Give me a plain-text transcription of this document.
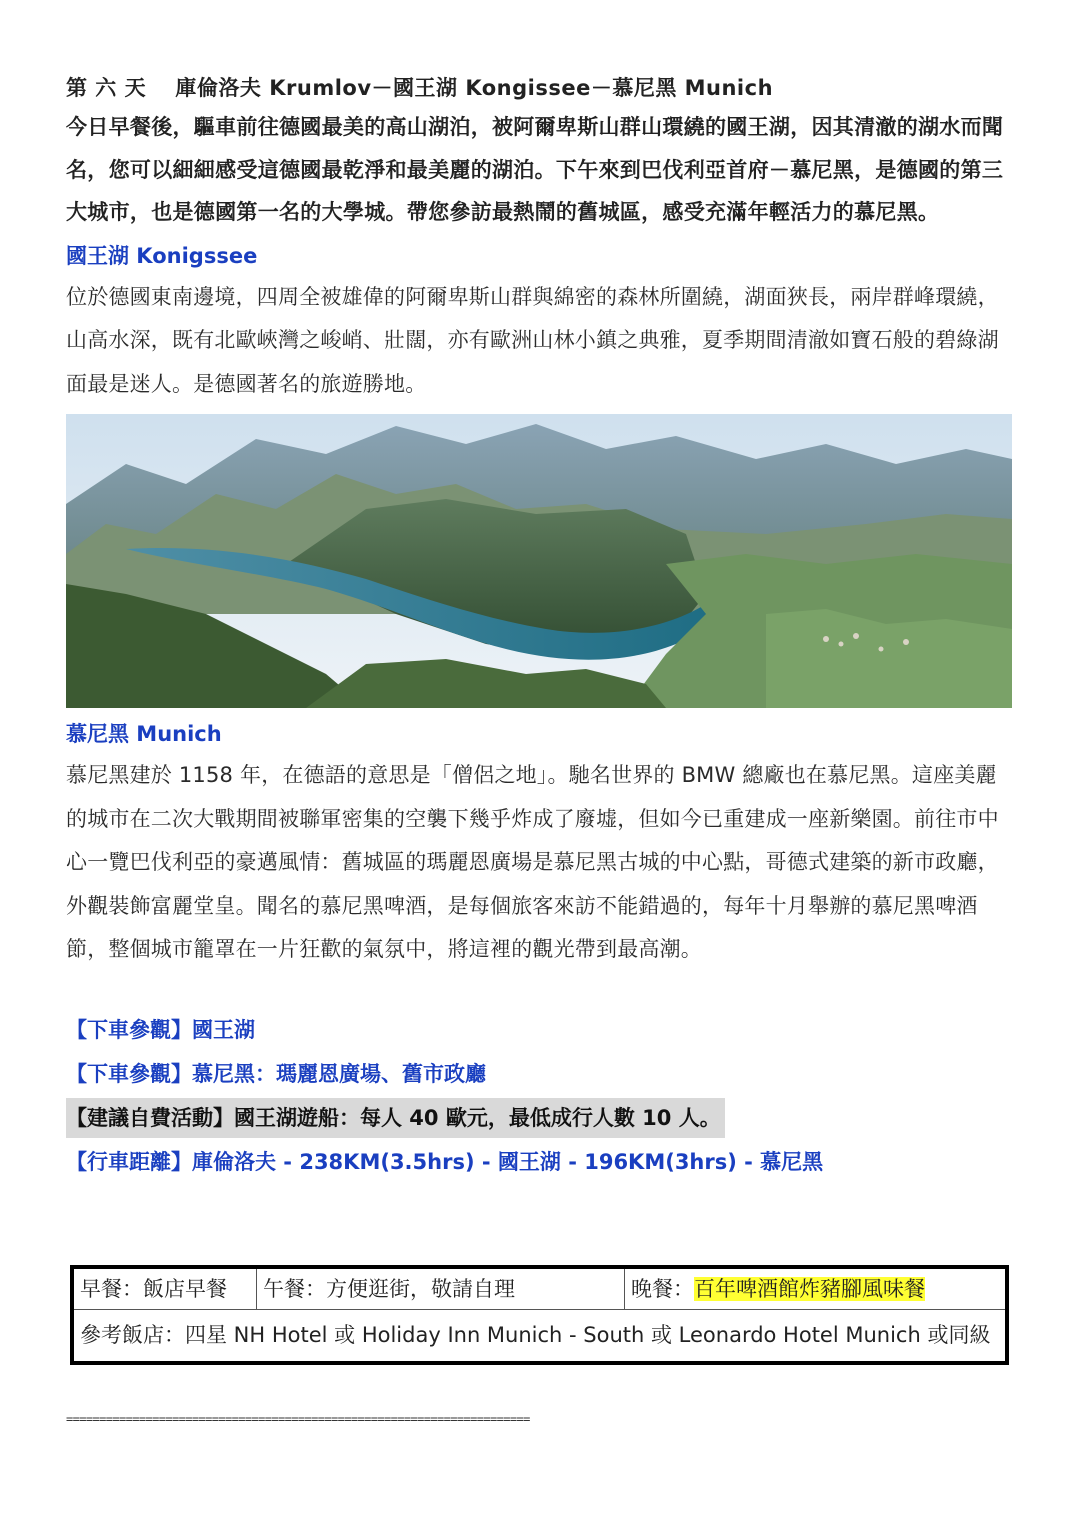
第 六 天　 庫倫洛夫 Krumlov－國王湖 Kongissee－慕尼黑 Munich

今日早餐後，驅車前往德國最美的高山湖泊，被阿爾卑斯山群山環繞的國王湖，因其清澈的湖水而聞名，您可以細細感受這德國最乾淨和最美麗的湖泊。下午來到巴伐利亞首府－慕尼黑，是德國的第三大城市，也是德國第一名的大學城。帶您參訪最熱鬧的舊城區，感受充滿年輕活力的慕尼黑。

國王湖 Konigssee

位於德國東南邊境，四周全被雄偉的阿爾卑斯山群與綿密的森林所圍繞，湖面狹長，兩岸群峰環繞，山高水深，既有北歐峽灣之峻峭、壯闊，亦有歐洲山林小鎮之典雅，夏季期間清澈如寶石般的碧綠湖面最是迷人。是德國著名的旅遊勝地。

慕尼黑 Munich

慕尼黑建於 1158 年，在德語的意思是「僧侶之地」。馳名世界的 BMW 總廠也在慕尼黑。這座美麗的城市在二次大戰期間被聯軍密集的空襲下幾乎炸成了廢墟，但如今已重建成一座新樂園。前往市中心一覽巴伐利亞的豪邁風情：舊城區的瑪麗恩廣場是慕尼黑古城的中心點，哥德式建築的新市政廳，外觀裝飾富麗堂皇。聞名的慕尼黑啤酒，是每個旅客來訪不能錯過的，每年十月舉辦的慕尼黑啤酒節，整個城市籠罩在一片狂歡的氣氛中，將這裡的觀光帶到最高潮。

【下車參觀】國王湖

【下車參觀】慕尼黑：瑪麗恩廣場、舊市政廳

【建議自費活動】國王湖遊船：每人 40 歐元，最低成行人數 10 人。

【行車距離】庫倫洛夫 - 238KM(3.5hrs) - 國王湖 - 196KM(3hrs) - 慕尼黑

早餐：飯店早餐	午餐：方便逛街，敬請自理	晚餐：百年啤酒館炸豬腳風味餐
參考飯店：四星 NH Hotel 或 Holiday Inn Munich - South 或 Leonardo Hotel Munich 或同級
======================================================================
